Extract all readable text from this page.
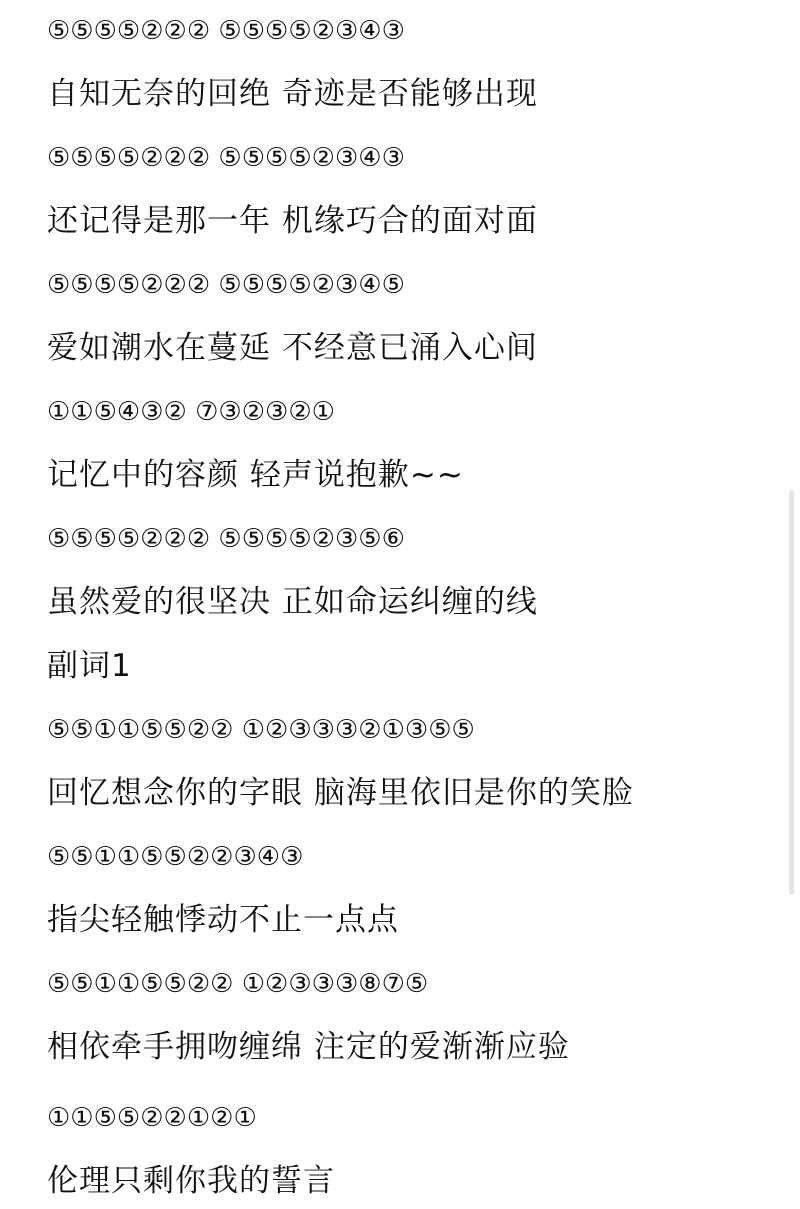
⑤⑤⑤⑤②②② ⑤⑤⑤⑤②③④③
自知无奈的回绝 奇迹是否能够出现
⑤⑤⑤⑤②②② ⑤⑤⑤⑤②③④③
还记得是那一年 机缘巧合的面对面
⑤⑤⑤⑤②②② ⑤⑤⑤⑤②③④⑤
爱如潮水在蔓延 不经意已涌入心间
①①⑤④③② ⑦③②③②①
记忆中的容颜 轻声说抱歉~~
⑤⑤⑤⑤②②② ⑤⑤⑤⑤②③⑤⑥
虽然爱的很坚决 正如命运纠缠的线
副词1
⑤⑤①①⑤⑤②② ①②③③③②①③⑤⑤
回忆想念你的字眼 脑海里依旧是你的笑脸
⑤⑤①①⑤⑤②②③④③
指尖轻触悸动不止一点点
⑤⑤①①⑤⑤②② ①②③③③⑧⑦⑤
相依牵手拥吻缠绵 注定的爱渐渐应验
①①⑤⑤②②①②①
伦理只剩你我的誓言
